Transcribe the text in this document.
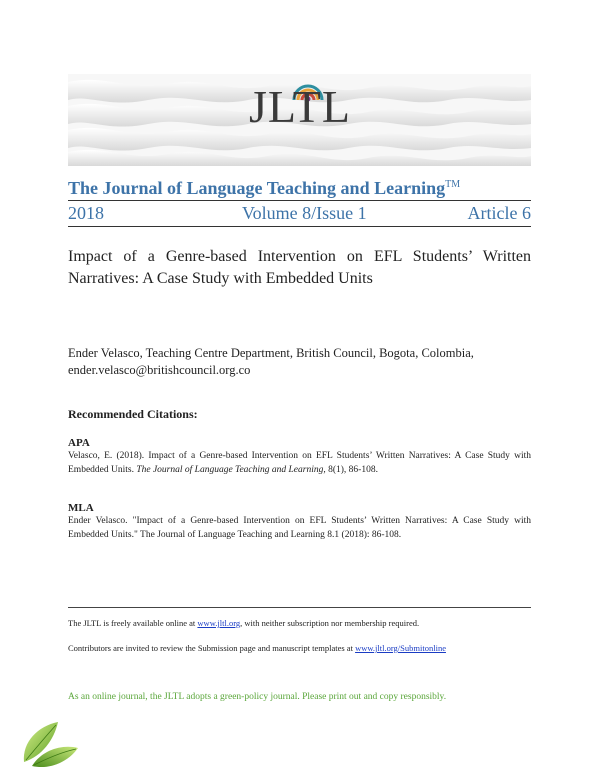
JLTL
The Journal of Language Teaching and Learning™
2018	Volume 8/Issue 1	Article 6
Impact of a Genre-based Intervention on EFL Students’ Written Narratives: A Case Study with Embedded Units
Ender Velasco, Teaching Centre Department, British Council, Bogota, Colombia,
ender.velasco@britishcouncil.org.co
Recommended Citations:
APA
Velasco, E. (2018). Impact of a Genre-based Intervention on EFL Students’ Written Narratives: A Case Study with Embedded Units. The Journal of Language Teaching and Learning, 8(1), 86-108.
MLA
Ender Velasco. "Impact of a Genre-based Intervention on EFL Students’ Written Narratives: A Case Study with Embedded Units." The Journal of Language Teaching and Learning 8.1 (2018): 86-108.
The JLTL is freely available online at www.jltl.org, with neither subscription nor membership required.
Contributors are invited to review the Submission page and manuscript templates at www.jltl.org/Submitonline
As an online journal, the JLTL adopts a green-policy journal. Please print out and copy responsibly.
